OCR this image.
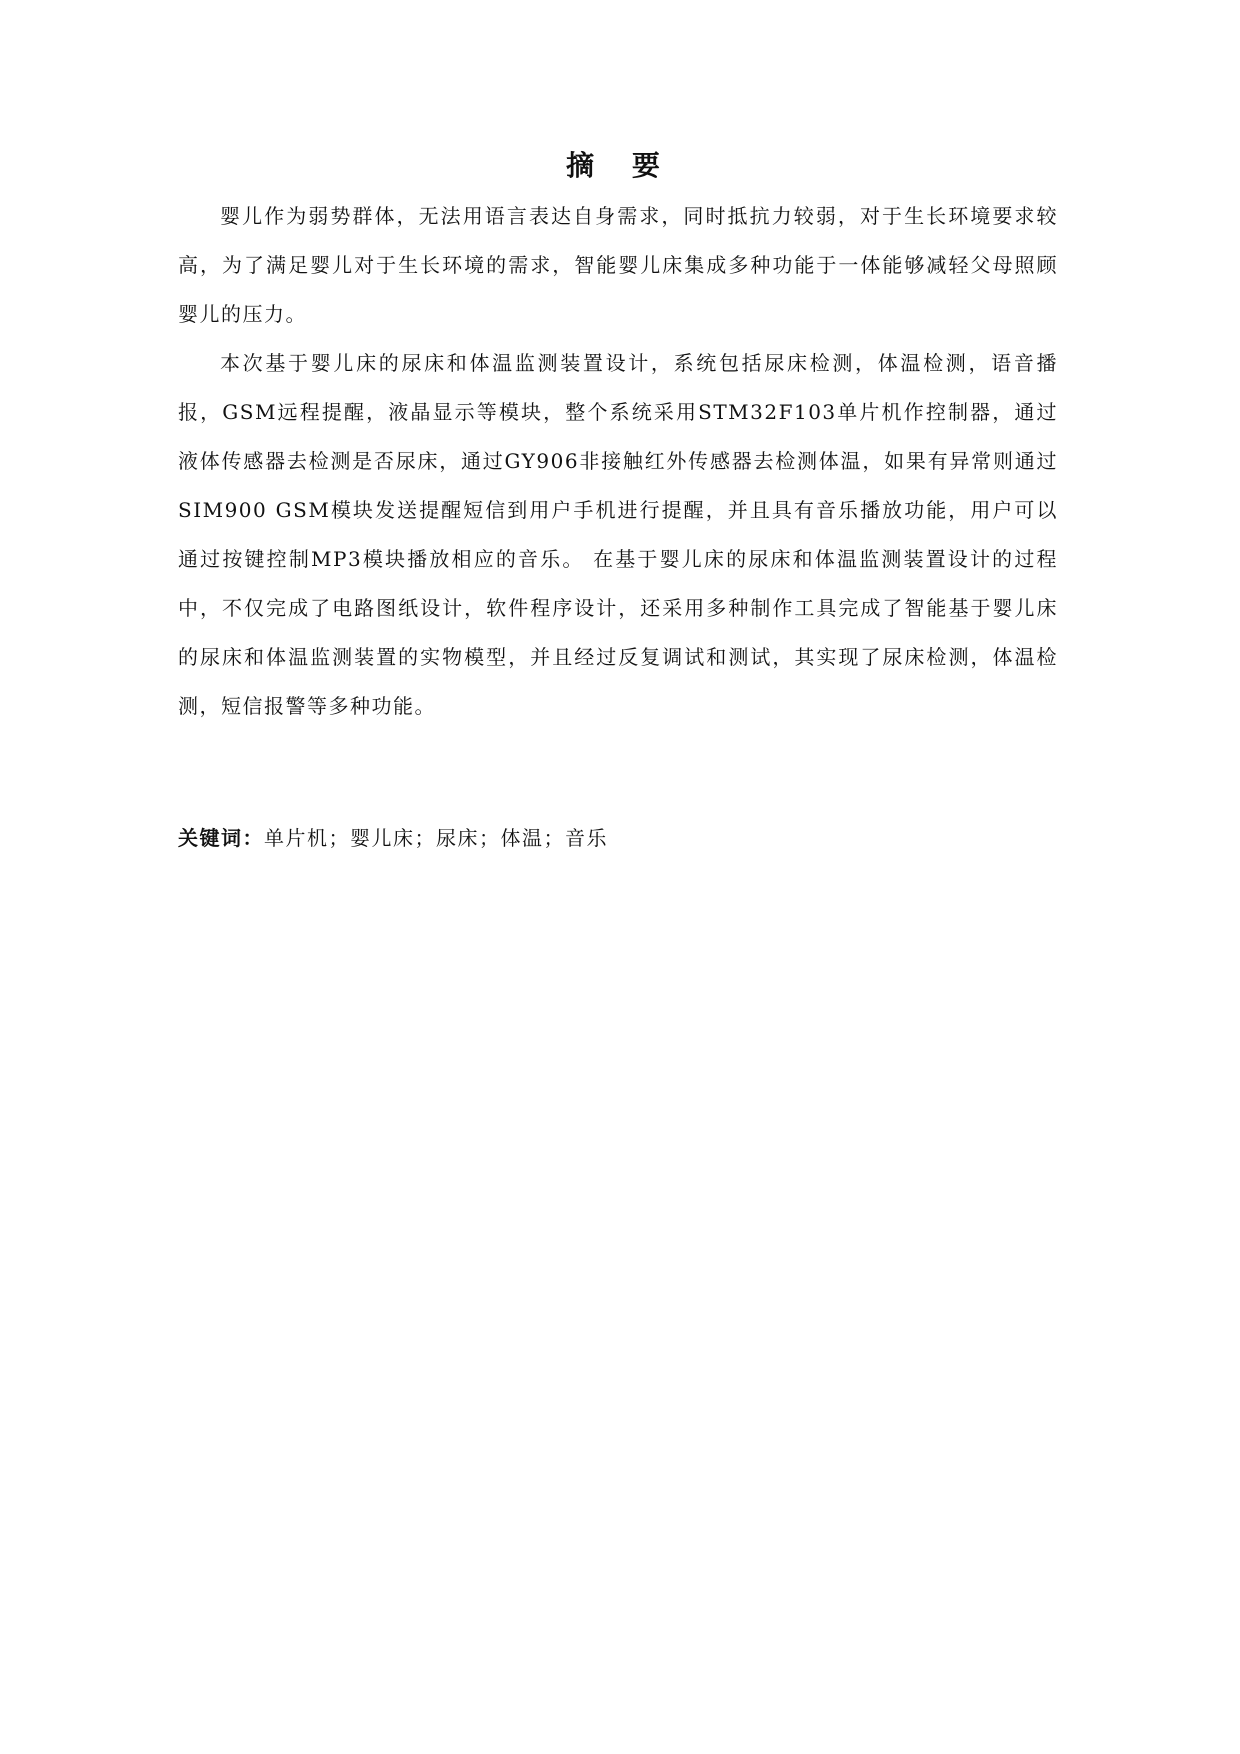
摘 要

婴儿作为弱势群体，无法用语言表达自身需求，同时抵抗力较弱，对于生长环境要求较高，为了满足婴儿对于生长环境的需求，智能婴儿床集成多种功能于一体能够减轻父母照顾婴儿的压力。

本次基于婴儿床的尿床和体温监测装置设计，系统包括尿床检测，体温检测，语音播报，GSM远程提醒，液晶显示等模块，整个系统采用STM32F103单片机作控制器，通过液体传感器去检测是否尿床，通过GY906非接触红外传感器去检测体温，如果有异常则通过SIM900 GSM模块发送提醒短信到用户手机进行提醒，并且具有音乐播放功能，用户可以通过按键控制MP3模块播放相应的音乐。 在基于婴儿床的尿床和体温监测装置设计的过程中，不仅完成了电路图纸设计，软件程序设计，还采用多种制作工具完成了智能基于婴儿床的尿床和体温监测装置的实物模型，并且经过反复调试和测试，其实现了尿床检测，体温检测，短信报警等多种功能。

关键词：单片机；婴儿床；尿床；体温；音乐
